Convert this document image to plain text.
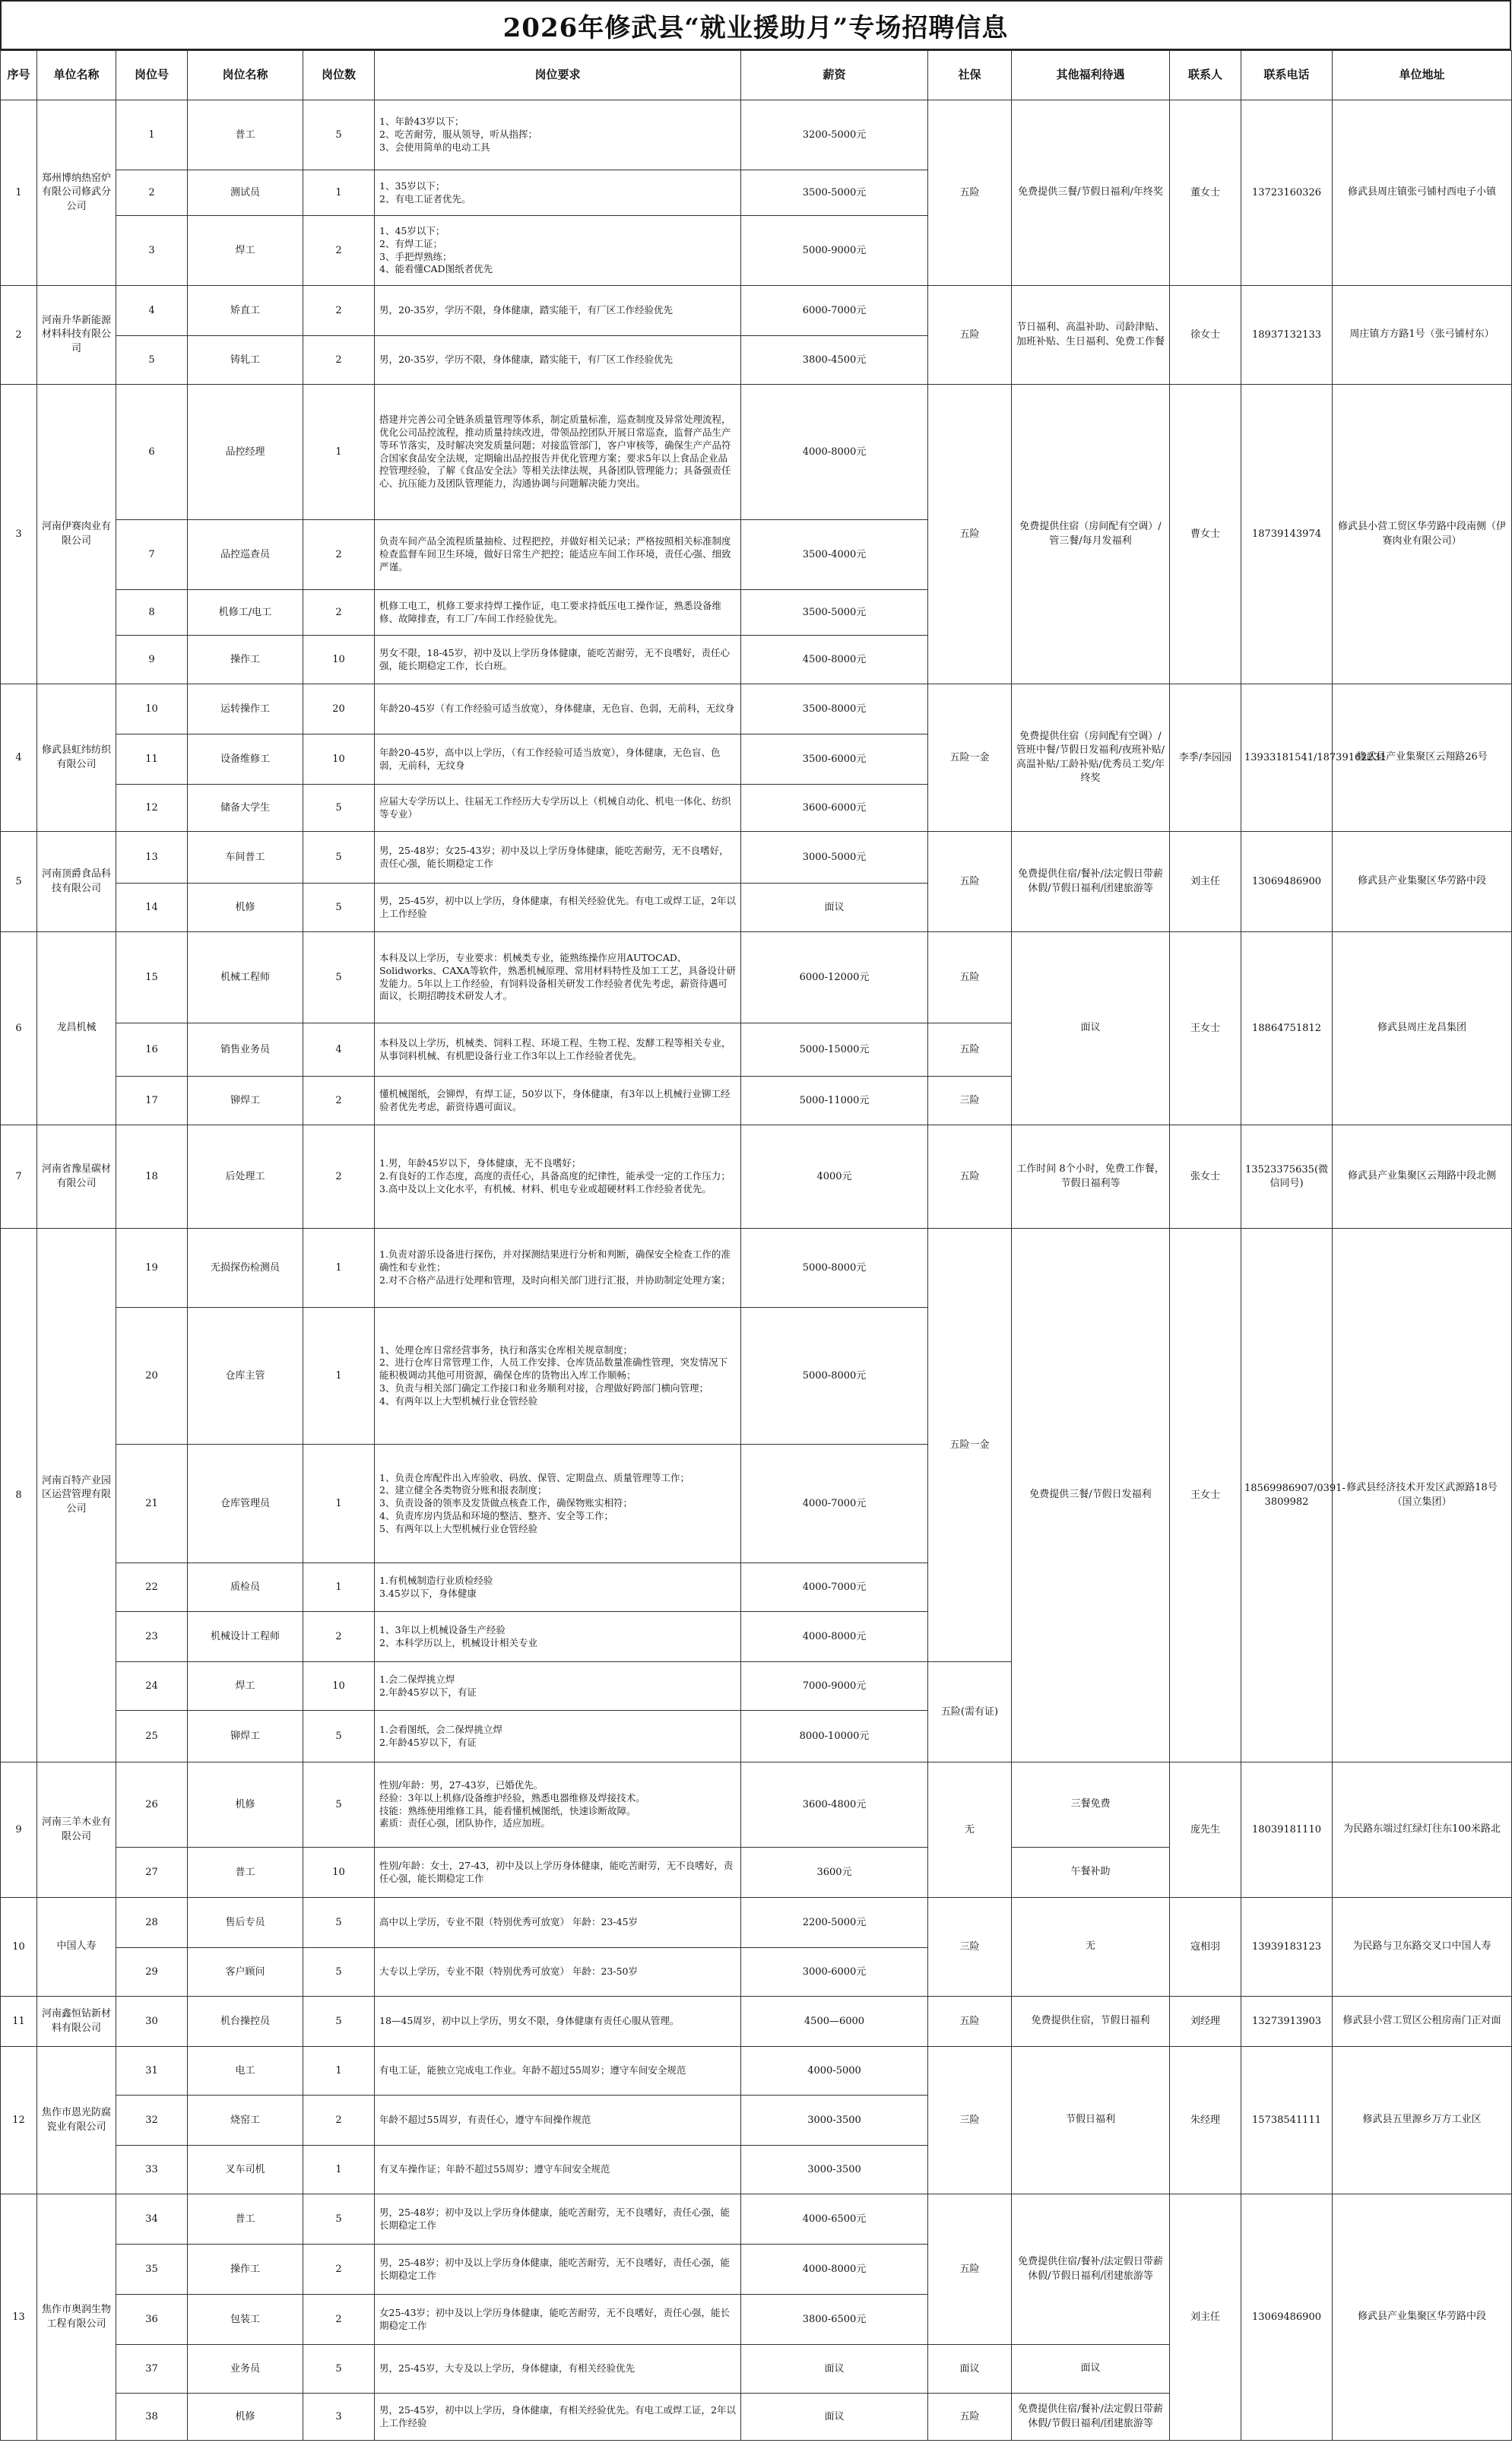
2026年修武县“就业援助月”专场招聘信息
序号	单位名称	岗位号	岗位名称	岗位数	岗位要求	薪资	社保	其他福利待遇	联系人	联系电话	单位地址
1	郑州博纳热窑炉有限公司修武分公司	1	普工	5	1、年龄43岁以下；
2、吃苦耐劳，服从领导，听从指挥；
3、会使用简单的电动工具	3200-5000元	五险	免费提供三餐/节假日福利/年终奖	董女士	13723160326	修武县周庄镇张弓铺村西电子小镇
		2	测试员	1	1、35岁以下；
2、有电工证者优先。	3500-5000元					
		3	焊工	2	1、45岁以下；
2、有焊工证；
3、手把焊熟练；
4、能看懂CAD图纸者优先	5000-9000元					
2	河南升华新能源材料科技有限公司	4	矫直工	2	男，20-35岁，学历不限，身体健康，踏实能干，有厂区工作经验优先	6000-7000元	五险	节日福利、高温补助、司龄津贴、加班补贴、生日福利、免费工作餐	徐女士	18937132133	周庄镇方方路1号（张弓铺村东）
		5	铸轧工	2	男，20-35岁，学历不限，身体健康，踏实能干，有厂区工作经验优先	3800-4500元					
3	河南伊赛肉业有限公司	6	品控经理	1	搭建并完善公司全链条质量管理等体系，制定质量标准，巡查制度及异常处理流程，优化公司品控流程，推动质量持续改进，带领品控团队开展日常巡查，监督产品生产等环节落实，及时解决突发质量问题；对接监管部门，客户审核等，确保生产产品符合国家食品安全法规，定期输出品控报告并优化管理方案；要求5年以上食品企业品控管理经验，了解《食品安全法》等相关法律法规，具备团队管理能力；具备强责任心、抗压能力及团队管理能力，沟通协调与问题解决能力突出。	4000-8000元	五险	免费提供住宿（房间配有空调）/管三餐/每月发福利	曹女士	18739143974	修武县小营工贸区华劳路中段南侧（伊赛肉业有限公司）
		7	品控巡查员	2	负责车间产品全流程质量抽检、过程把控，并做好相关记录；严格按照相关标准制度检查监督车间卫生环境，做好日常生产把控；能适应车间工作环境，责任心强、细致严谨。	3500-4000元					
		8	机修工/电工	2	机修工电工，机修工要求持焊工操作证，电工要求持低压电工操作证，熟悉设备维修、故障排查，有工厂/车间工作经验优先。	3500-5000元					
		9	操作工	10	男女不限，18-45岁，初中及以上学历身体健康，能吃苦耐劳，无不良嗜好，责任心强，能长期稳定工作，长白班。	4500-8000元					
4	修武县虹纬纺织有限公司	10	运转操作工	20	年龄20-45岁（有工作经验可适当放宽），身体健康，无色盲、色弱，无前科，无纹身	3500-8000元	五险一金	免费提供住宿（房间配有空调）/管班中餐/节假日发福利/夜班补贴/高温补贴/工龄补贴/优秀员工奖/年终奖	李季/李园园	13933181541/18739162231	修武县产业集聚区云翔路26号
		11	设备维修工	10	年龄20-45岁，高中以上学历，（有工作经验可适当放宽），身体健康，无色盲、色弱，无前科，无纹身	3500-6000元					
		12	储备大学生	5	应届大专学历以上、往届无工作经历大专学历以上（机械自动化、机电一体化、纺织等专业）	3600-6000元					
5	河南顶爵食品科技有限公司	13	车间普工	5	男，25-48岁；女25-43岁；初中及以上学历身体健康，能吃苦耐劳，无不良嗜好，责任心强，能长期稳定工作	3000-5000元	五险	免费提供住宿/餐补/法定假日带薪休假/节假日福利/团建旅游等	刘主任	13069486900	修武县产业集聚区华劳路中段
		14	机修	5	男，25-45岁，初中以上学历，身体健康，有相关经验优先。有电工或焊工证，2年以上工作经验	面议					
6	龙昌机械	15	机械工程师	5	本科及以上学历，专业要求：机械类专业，能熟练操作应用AUTOCAD、Solidworks、CAXA等软件，熟悉机械原理、常用材料特性及加工工艺，具备设计研发能力。5年以上工作经验，有饲料设备相关研发工作经验者优先考虑，薪资待遇可面议，长期招聘技术研发人才。	6000-12000元	五险	面议	王女士	18864751812	修武县周庄龙昌集团
		16	销售业务员	4	本科及以上学历，机械类、饲料工程、环境工程、生物工程、发酵工程等相关专业，从事饲料机械、有机肥设备行业工作3年以上工作经验者优先。	5000-15000元	五险				
		17	铆焊工	2	懂机械图纸，会铆焊，有焊工证，50岁以下，身体健康，有3年以上机械行业铆工经验者优先考虑，薪资待遇可面议。	5000-11000元	三险				
7	河南省豫星碳材有限公司	18	后处理工	2	1.男，年龄45岁以下，身体健康，无不良嗜好；
2.有良好的工作态度，高度的责任心，具备高度的纪律性，能承受一定的工作压力；
3.高中及以上文化水平，有机械、材料、机电专业或超硬材料工作经验者优先。	4000元	五险	工作时间 8个小时，免费工作餐，节假日福利等	张女士	13523375635(微信同号)	修武县产业集聚区云翔路中段北侧
8	河南百特产业园区运营管理有限公司	19	无损探伤检测员	1	1.负责对游乐设备进行探伤，并对探测结果进行分析和判断，确保安全检查工作的准确性和专业性；
2.对不合格产品进行处理和管理，及时向相关部门进行汇报，并协助制定处理方案；	5000-8000元	五险一金	免费提供三餐/节假日发福利	王女士	18569986907/0391-3809982	修武县经济技术开发区武源路18号 （国立集团）
		20	仓库主管	1	1、处理仓库日常经营事务，执行和落实仓库相关规章制度；
2、进行仓库日常管理工作，人员工作安排、仓库货品数量准确性管理，突发情况下能积极调动其他可用资源，确保仓库的货物出入库工作顺畅；
3、负责与相关部门确定工作接口和业务顺利对接，合理做好跨部门横向管理；
4、有两年以上大型机械行业仓管经验	5000-8000元					
		21	仓库管理员	1	1、负责仓库配件出入库验收、码放、保管、定期盘点、质量管理等工作；
2、建立健全各类物资分账和报表制度；
3、负责设备的领率及发货做点核查工作，确保物账实相符；
4、负责库房内货品和环境的整洁、整齐、安全等工作；
5、有两年以上大型机械行业仓管经验	4000-7000元					
		22	质检员	1	1.有机械制造行业质检经验
3.45岁以下，身体健康	4000-7000元					
		23	机械设计工程师	2	1、3年以上机械设备生产经验
2、本科学历以上，机械设计相关专业	4000-8000元					
		24	焊工	10	1.会二保焊挑立焊
2.年龄45岁以下，有证	7000-9000元	五险(需有证)				
		25	铆焊工	5	1.会看图纸，会二保焊挑立焊
2.年龄45岁以下，有证	8000-10000元					
9	河南三羊木业有限公司	26	机修	5	性别/年龄：男，27-43岁，已婚优先。
经验：3年以上机修/设备维护经验，熟悉电器维修及焊接技术。
技能：熟练使用维修工具，能看懂机械图纸，快速诊断故障。
素质：责任心强，团队协作，适应加班。	3600-4800元	无	三餐免费	庞先生	18039181110	为民路东端过红绿灯往东100米路北
		27	普工	10	性别/年龄：女士，27-43，初中及以上学历身体健康，能吃苦耐劳，无不良嗜好，责任心强，能长期稳定工作	3600元		午餐补助			
10	中国人寿	28	售后专员	5	高中以上学历，专业不限（特别优秀可放宽） 年龄：23-45岁	2200-5000元	三险	无	寇相羽	13939183123	为民路与卫东路交叉口中国人寿
		29	客户顾问	5	大专以上学历，专业不限（特别优秀可放宽） 年龄：23-50岁	3000-6000元					
11	河南鑫恒钻新材料有限公司	30	机台操控员	5	18—45周岁，初中以上学历，男女不限，身体健康有责任心服从管理。	4500—6000	五险	免费提供住宿，节假日福利	刘经理	13273913903	修武县小营工贸区公租房南门正对面
12	焦作市恩光防腐瓷业有限公司	31	电工	1	有电工证，能独立完成电工作业。年龄不超过55周岁；遵守车间安全规范	4000-5000	三险	节假日福利	朱经理	15738541111	修武县五里源乡万方工业区
		32	烧窑工	2	年龄不超过55周岁，有责任心，遵守车间操作规范	3000-3500					
		33	叉车司机	1	有叉车操作证；年龄不超过55周岁；遵守车间安全规范	3000-3500					
13	焦作市奥润生物工程有限公司	34	普工	5	男，25-48岁；初中及以上学历身体健康，能吃苦耐劳，无不良嗜好，责任心强，能长期稳定工作	4000-6500元	五险	免费提供住宿/餐补/法定假日带薪休假/节假日福利/团建旅游等	刘主任	13069486900	修武县产业集聚区华劳路中段
		35	操作工	2	男，25-48岁；初中及以上学历身体健康，能吃苦耐劳，无不良嗜好，责任心强，能长期稳定工作	4000-8000元					
		36	包装工	2	女25-43岁；初中及以上学历身体健康，能吃苦耐劳，无不良嗜好，责任心强，能长期稳定工作	3800-6500元					
		37	业务员	5	男，25-45岁，大专及以上学历，身体健康，有相关经验优先	面议	面议	面议			
		38	机修	3	男，25-45岁，初中以上学历，身体健康，有相关经验优先。有电工或焊工证，2年以上工作经验	面议	五险	免费提供住宿/餐补/法定假日带薪休假/节假日福利/团建旅游等			
